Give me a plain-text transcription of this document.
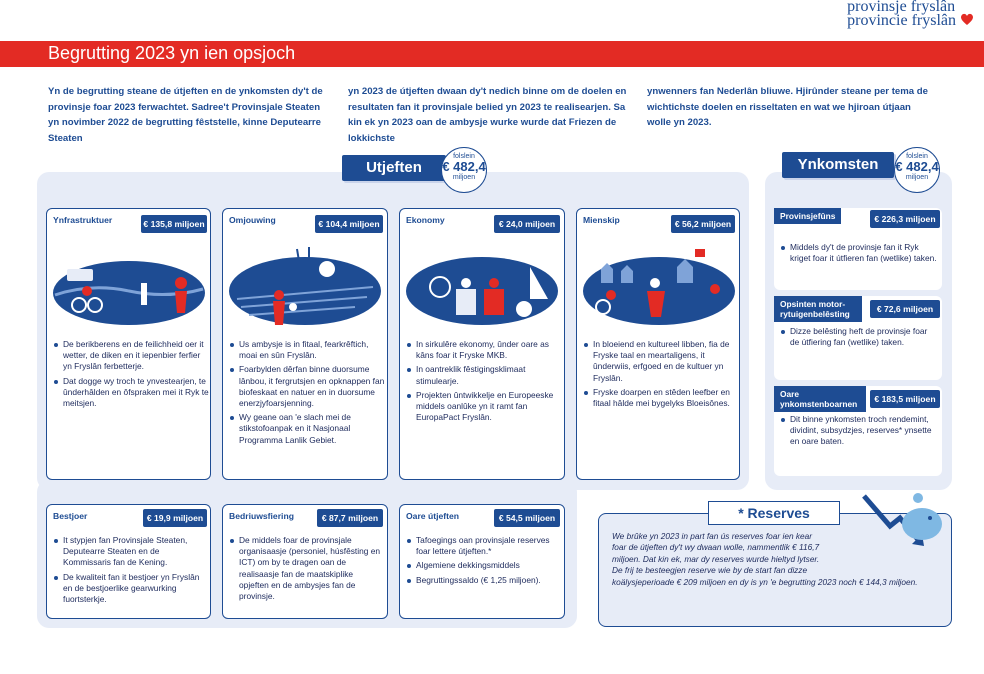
provinsje fryslân
provincie fryslân
Begrutting 2023 yn ien opsjoch

Yn de begrutting steane de útjeften en de ynkomsten dy't de provinsje foar 2023 ferwachtet. Sadree't Provinsjale Steaten yn novimber 2022 de begrutting fêststelle, kinne Deputearre Steaten

yn 2023 de útjeften dwaan dy't nedich binne om de doelen en resultaten fan it provinsjale belied yn 2023 te realisearjen. Sa kin ek yn 2023 oan de ambysje wurke wurde dat Friezen de lokkichste

ynwenners fan Nederlân bliuwe. Hjirûnder steane per tema de wichtichste doelen en risseltaten en wat we hjiroan útjaan wolle yn 2023.

Utjeften
folslein
€ 482,4
miljoen
Ynfrastruktuer	€ 135,8 miljoen
De berikberens en de feilichheid oer it wetter, de diken en it iepenbier ferfier yn Fryslân ferbetterje.
Dat dogge wy troch te ynvestearjen, te ûnderhâlden en ôfspraken mei it Ryk te meitsjen.
Omjouwing	€ 104,4 miljoen
Us ambysje is in fitaal, fearkrêftich, moai en sûn Fryslân.
Foarbylden dêrfan binne duorsume lânbou, it fergrutsjen en opknappen fan biofeskaat en natuer en in duorsume enerzjyfoarsjenning.
Wy geane oan 'e slach mei de stikstofoanpak en it Nasjonaal Programma Lanlik Gebiet.
Ekonomy	€ 24,0 miljoen
In sirkulêre ekonomy, ûnder oare as kâns foar it Fryske MKB.
In oantreklik fêstigingsklimaat stimulearje.
Projekten ûntwikkelje en Europeeske middels oanlûke yn it ramt fan EuropaPact Fryslân.
Mienskip	€ 56,2 miljoen
In bloeiend en kultureel libben, fia de Fryske taal en meartaligens, it ûnderwiis, erfgoed en de kultuer yn Fryslân.
Fryske doarpen en stêden leefber en fitaal hâlde mei bygelyks Bloeisônes.
Bestjoer	€ 19,9 miljoen
It stypjen fan Provinsjale Steaten, Deputearre Steaten en de Kommissaris fan de Kening.
De kwaliteit fan it bestjoer yn Fryslân en de bestjoerlike gearwurking fuortsterkje.
Bedriuwsfiering	€ 87,7 miljoen
De middels foar de provinsjale organisaasje (personiel, húsfêsting en ICT) om by te dragen oan de realisaasje fan de maatskiplike opjeften en de ambysjes fan de provinsje.
Oare útjeften	€ 54,5 miljoen
Tafoegings oan provinsjale reserves foar lettere útjeften.*
Algemiene dekkingsmiddels
Begruttingssaldo (€ 1,25 miljoen).
Ynkomsten	folslein
€ 482,4
miljoen
Provinsjefûns	€ 226,3 miljoen
Middels dy't de provinsje fan it Ryk kriget foar it útfieren fan (wetlike) taken.
Opsinten motor-rytuigenbelêsting	€ 72,6 miljoen
Dizze belêsting heft de provinsje foar de útfiering fan (wetlike) taken.
Oare ynkomstenboarnen	€ 183,5 miljoen
Dit binne ynkomsten troch rendemint, dividint, subsydzjes, reserves* ynsette en oare baten.
* Reserves
We brûke yn 2023 in part fan ús reserves foar ien kear
foar de útjeften dy't wy dwaan wolle, nammentlik € 116,7
miljoen. Dat kin ek, mar dy reserves wurde hieltyd lytser.
De frij te besteegjen reserve wie by de start fan dizze
koälysjeperioade € 209 miljoen en dy is yn 'e begrutting 2023 noch € 144,3 miljoen.
